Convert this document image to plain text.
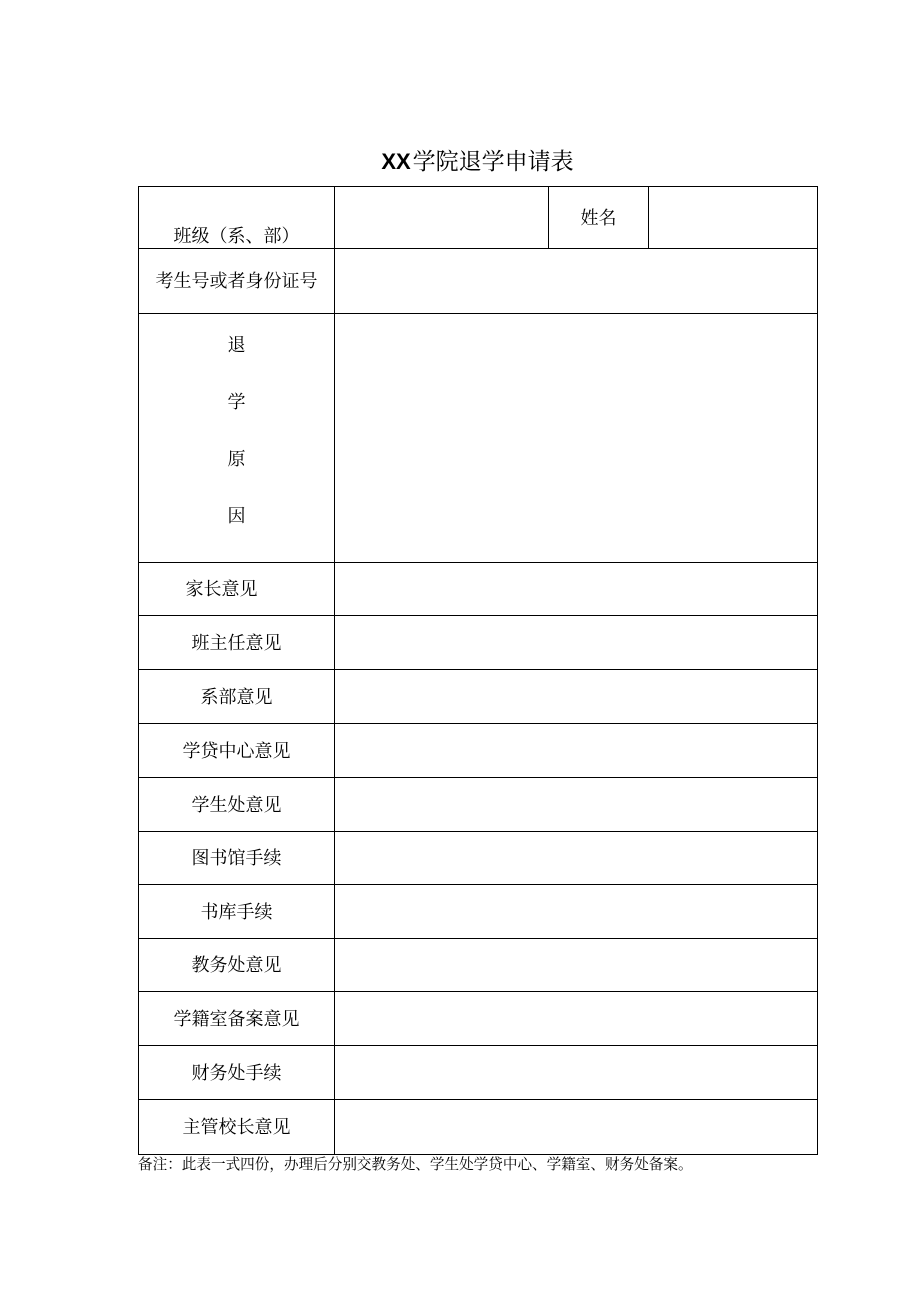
XX学院退学申请表
班级（系、部）		姓名	
考生号或者身份证号			

退
学
原
因			

家长意见			
班主任意见			
系部意见			
学贷中心意见			
学生处意见			
图书馆手续			
书库手续			
教务处意见			
学籍室备案意见			
财务处手续			
主管校长意见			
备注：此表一式四份，办理后分别交教务处、学生处学贷中心、学籍室、财务处备案。
